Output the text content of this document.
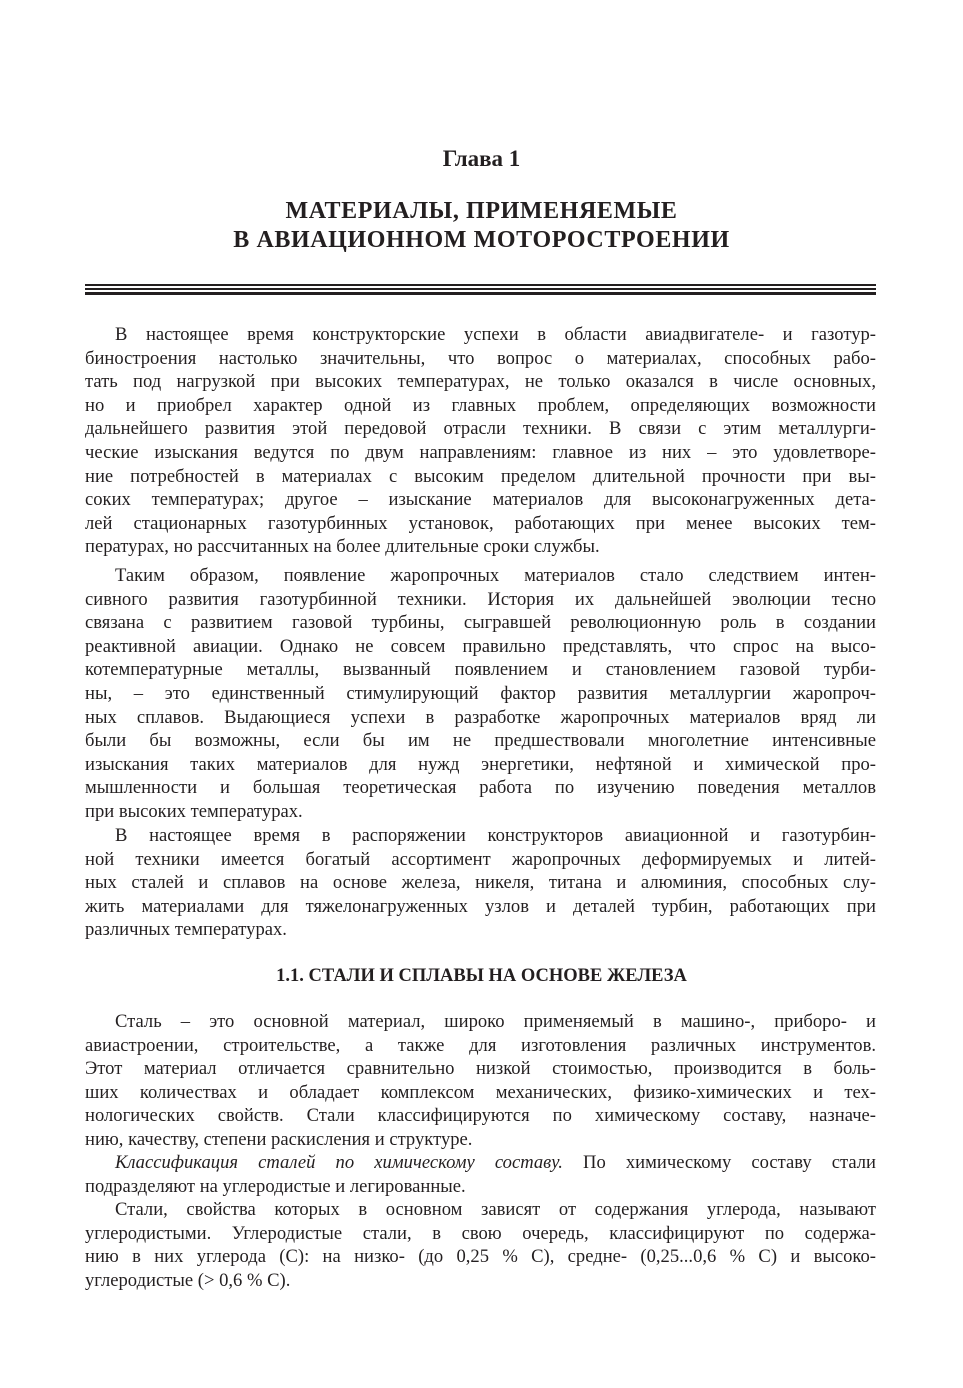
Глава 1
МАТЕРИАЛЫ, ПРИМЕНЯЕМЫЕ
В АВИАЦИОННОМ МОТОРОСТРОЕНИИ
В настоящее время конструкторские успехи в области авиадвигателе- и газотур-
биностроения настолько значительны, что вопрос о материалах, способных рабо-
тать под нагрузкой при высоких температурах, не только оказался в числе основных,
но и приобрел характер одной из главных проблем, определяющих возможности
дальнейшего развития этой передовой отрасли техники. В связи с этим металлурги-
ческие изыскания ведутся по двум направлениям: главное из них – это удовлетворе-
ние потребностей в материалах с высоким пределом длительной прочности при вы-
соких температурах; другое – изыскание материалов для высоконагруженных дета-
лей стационарных газотурбинных установок, работающих при менее высоких тем-
пературах, но рассчитанных на более длительные сроки службы.
Таким образом, появление жаропрочных материалов стало следствием интен-
сивного развития газотурбинной техники. История их дальнейшей эволюции тесно
связана с развитием газовой турбины, сыгравшей революционную роль в создании
реактивной авиации. Однако не совсем правильно представлять, что спрос на высо-
котемпературные металлы, вызванный появлением и становлением газовой турби-
ны, – это единственный стимулирующий фактор развития металлургии жаропроч-
ных сплавов. Выдающиеся успехи в разработке жаропрочных материалов вряд ли
были бы возможны, если бы им не предшествовали многолетние интенсивные
изыскания таких материалов для нужд энергетики, нефтяной и химической про-
мышленности и большая теоретическая работа по изучению поведения металлов
при высоких температурах.
В настоящее время в распоряжении конструкторов авиационной и газотурбин-
ной техники имеется богатый ассортимент жаропрочных деформируемых и литей-
ных сталей и сплавов на основе железа, никеля, титана и алюминия, способных слу-
жить материалами для тяжелонагруженных узлов и деталей турбин, работающих при
различных температурах.
1.1. СТАЛИ И СПЛАВЫ НА ОСНОВЕ ЖЕЛЕЗА
Сталь – это основной материал, широко применяемый в машино-, приборо- и
авиастроении, строительстве, а также для изготовления различных инструментов.
Этот материал отличается сравнительно низкой стоимостью, производится в боль-
ших количествах и обладает комплексом механических, физико-химических и тех-
нологических свойств. Стали классифицируются по химическому составу, назначе-
нию, качеству, степени раскисления и структуре.
Классификация сталей по химическому составу. По химическому составу стали
подразделяют на углеродистые и легированные.
Стали, свойства которых в основном зависят от содержания углерода, называют
углеродистыми. Углеродистые стали, в свою очередь, классифицируют по содержа-
нию в них углерода (С): на низко- (до 0,25 % С), средне- (0,25...0,6 % С) и высоко-
углеродистые (> 0,6 % С).
